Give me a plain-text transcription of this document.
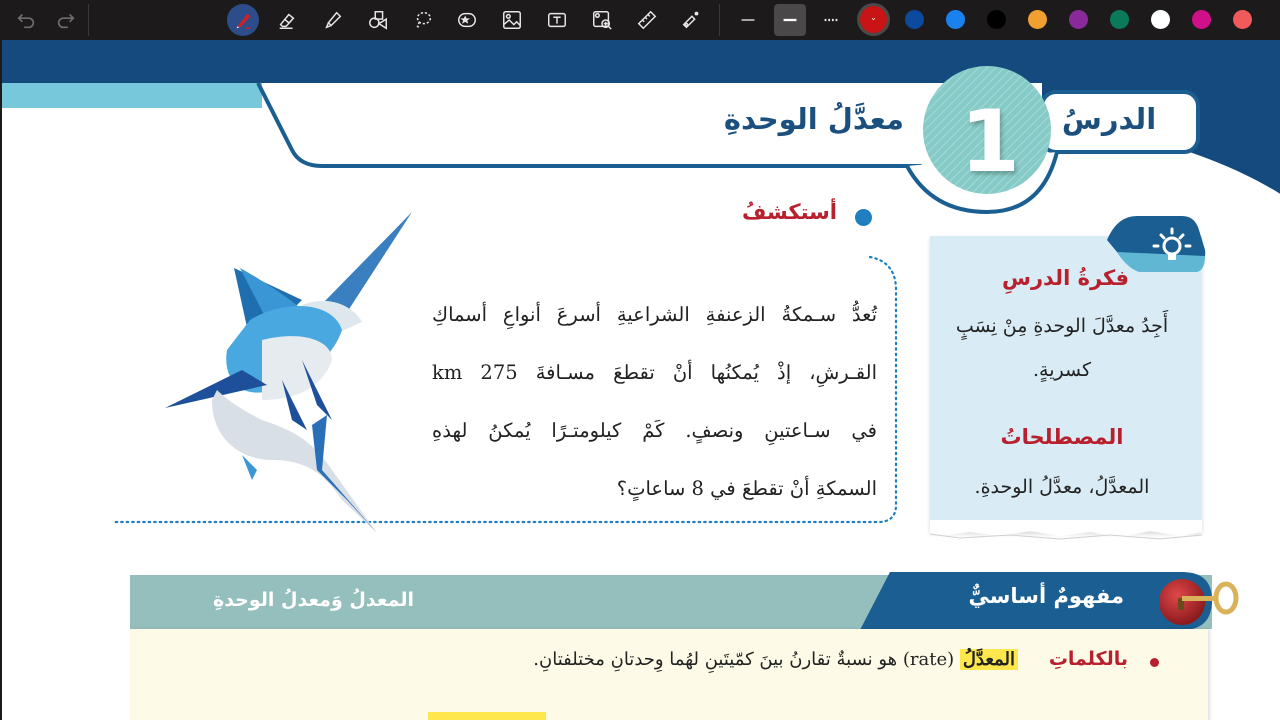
⌄
الدرسُ
1
معدَّلُ الوحدةِ
أستكشفُ
تُعدُّ سـمكةُ الزعنفةِ الشراعيةِ أسرعَ أنواعِ أسماكِ
القـرشِ، إذْ يُمكنُها أنْ تقطعَ مسـافةَ 275 km
في سـاعتينِ ونصفٍ. كَمْ كيلومتـرًا يُمكنُ لهذهِ
السمكةِ أنْ تقطعَ في 8 ساعاتٍ؟
فكرةُ الدرسِ
أَجِدُ معدَّلَ الوحدةِ مِنْ نِسَبٍ
كسريةٍ.
المصطلحاتُ
المعدَّلُ، معدَّلُ الوحدةِ.
مفهومٌ أساسيٌّ
المعدلُ وَمعدلُ الوحدةِ
بالكلماتِ
المعدَّلُ (rate) هو نسبةٌ تقارنُ بينَ كمّيتَينِ لهُما وِحدتانِ مختلفتانِ.
